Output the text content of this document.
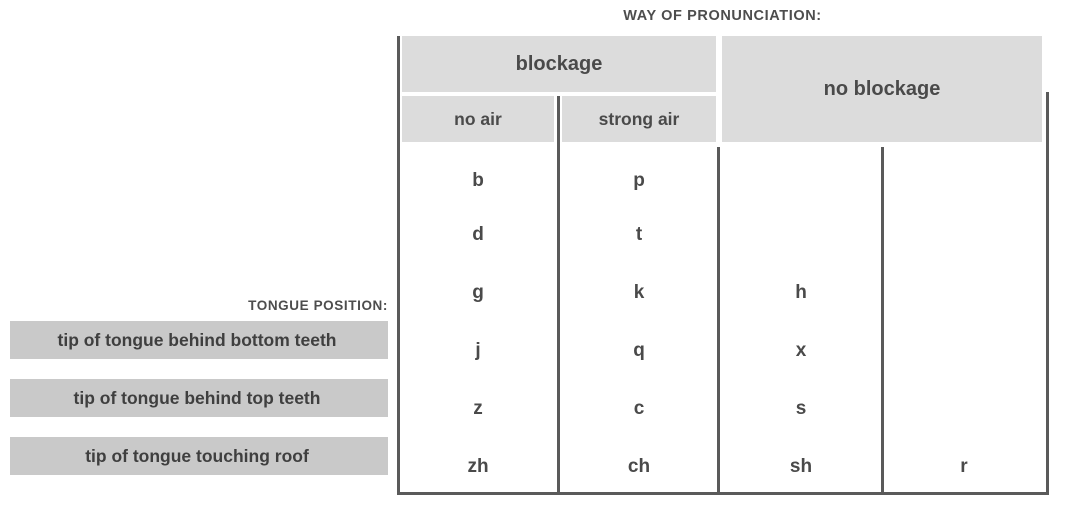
WAY OF PRONUNCIATION:
blockage
no blockage
no air	strong air
TONGUE POSITION:
tip of tongue behind bottom teeth
tip of tongue behind top teeth
tip of tongue touching roof
b
d
g
j
z
zh
p
t
k
q
c
ch
h
x
s
sh	r
